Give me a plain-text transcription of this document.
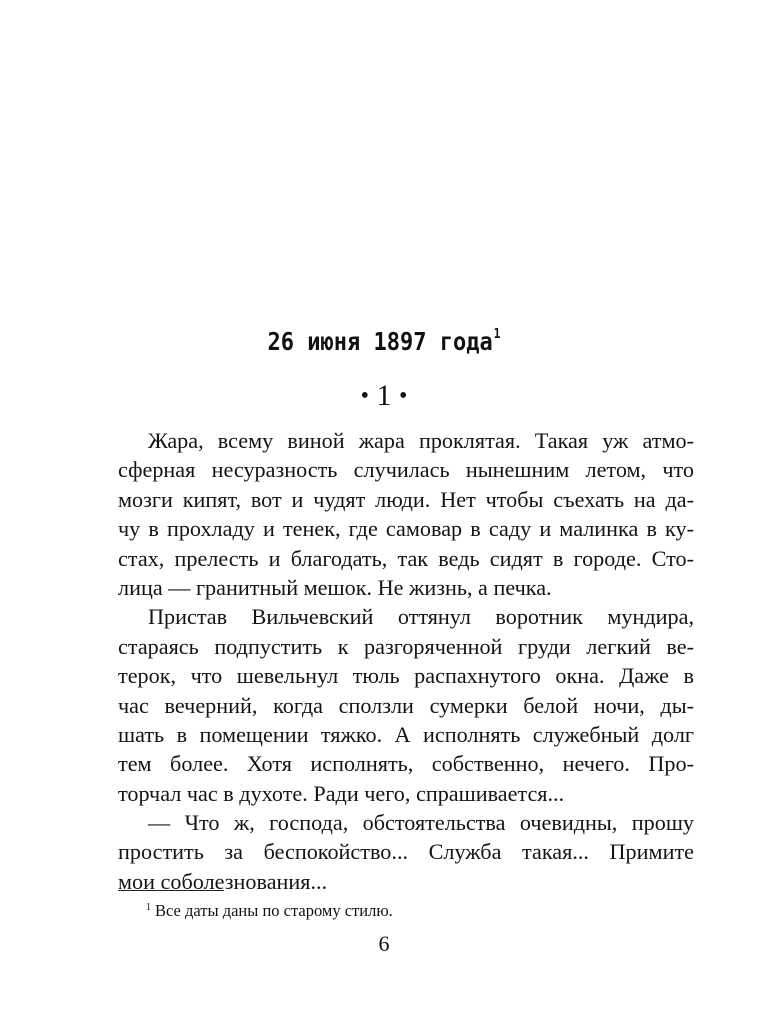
26 июня 1897 года$^1$
• 1 •
Жара, всему виной жара проклятая. Такая уж атмо-
сферная несуразность случилась нынешним летом, что
мозги кипят, вот и чудят люди. Нет чтобы съехать на да-
чу в прохладу и тенек, где самовар в саду и малинка в ку-
стах, прелесть и благодать, так ведь сидят в городе. Сто-
лица — гранитный мешок. Не жизнь, а печка.
Пристав Вильчевский оттянул воротник мундира,
стараясь подпустить к разгоряченной груди легкий ве-
терок, что шевельнул тюль распахнутого окна. Даже в
час вечерний, когда сползли сумерки белой ночи, ды-
шать в помещении тяжко. А исполнять служебный долг
тем более. Хотя исполнять, собственно, нечего. Про-
торчал час в духоте. Ради чего, спрашивается...
— Что ж, господа, обстоятельства очевидны, прошу
простить за беспокойство... Служба такая... Примите
мои соболезнования...
$^1$ Все даты даны по старому стилю.
6
